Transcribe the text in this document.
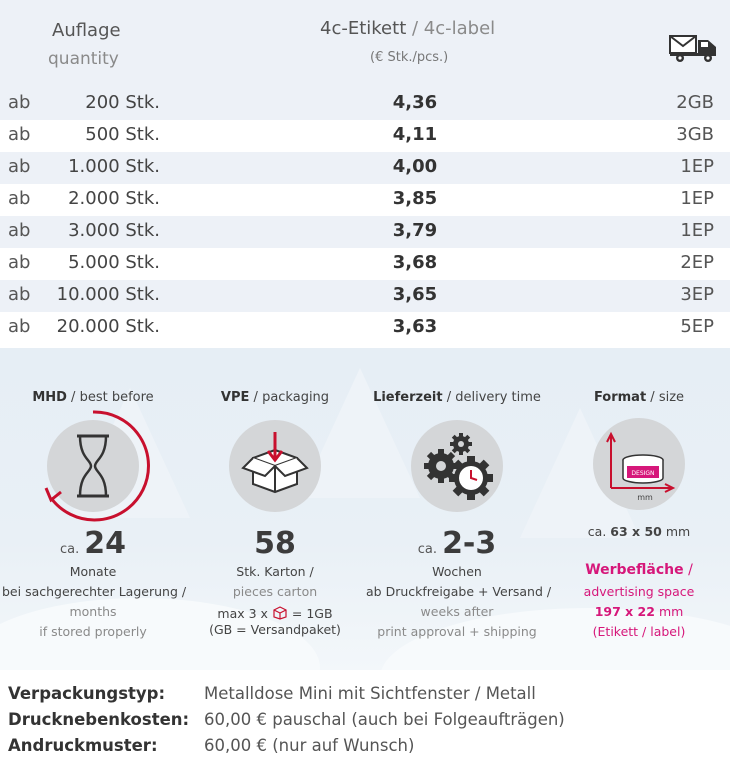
Auflage
quantity
4c-Etikett / 4c-label
(€ Stk./pcs.)
ab	200 Stk.	4,36	2GB
ab	500 Stk.	4,11	3GB
ab 1.000 Stk.	4,00	1EP
ab 2.000 Stk.	3,85	1EP
ab 3.000 Stk.	3,79	1EP
ab 5.000 Stk.	3,68	2EP
ab 10.000 Stk.	3,65	3EP
ab 20.000 Stk.	3,63	5EP
MHD / best before
ca. 24
Monate
bei sachgerechter Lagerung /
months
if stored properly
VPE / packaging
58
Stk. Karton /
pieces carton
max 3 x = 1GB
(GB = Versandpaket)
Lieferzeit / delivery time
ca. 2-3
Wochen
ab Druckfreigabe + Versand /
weeks after
print approval + shipping
Format / size
DESIGN
mm
ca. 63 x 50 mm
Werbefläche /
advertising space
197 x 22 mm
(Etikett / label)
Verpackungstyp: Metalldose Mini mit Sichtfenster / Metall
Drucknebenkosten: 60,00 € pauschal (auch bei Folgeaufträgen)
Andruckmuster:	60,00 € (nur auf Wunsch)
